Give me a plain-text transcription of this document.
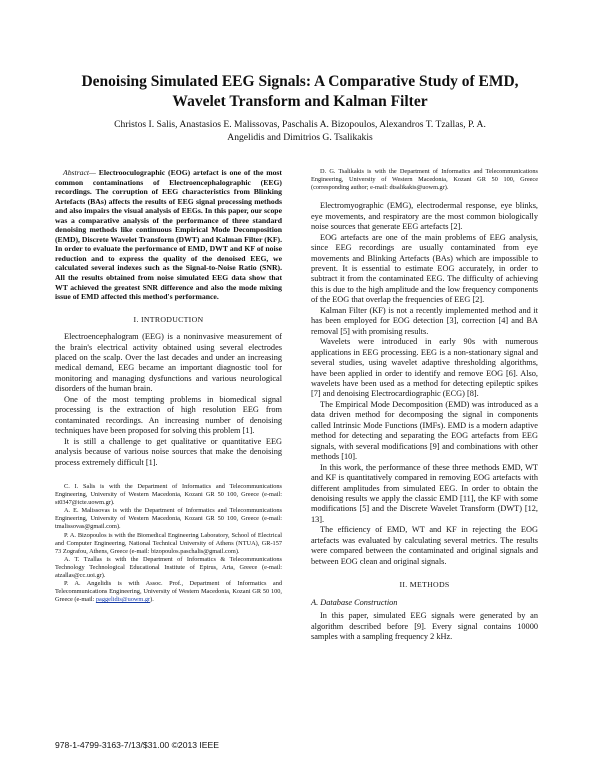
Denoising Simulated EEG Signals: A Comparative Study of EMD,
Wavelet Transform and Kalman Filter
Christos I. Salis, Anastasios E. Malissovas, Paschalis A. Bizopoulos, Alexandros T. Tzallas, P. A.
Angelidis and Dimitrios G. Tsalikakis

Abstract— Electrooculographic (EOG) artefact is one of the most common contaminations of Electroencephalographic (EEG) recordings. The corruption of EEG characteristics from Blinking Artefacts (BAs) affects the results of EEG signal processing methods and also impairs the visual analysis of EEGs. In this paper, our scope was a comparative analysis of the performance of three standard denoising methods like continuous Empirical Mode Decomposition (EMD), Discrete Wavelet Transform (DWT) and Kalman Filter (KF). In order to evaluate the performance of EMD, DWT and KF of noise reduction and to express the quality of the denoised EEG, we calculated several indexes such as the Signal-to-Noise Ratio (SNR). All the results obtained from noise simulated EEG data show that WT achieved the greatest SNR difference and also the mode mixing issue of EMD affected this method's performance.

I. INTRODUCTION

Electroencephalogram (EEG) is a noninvasive measurement of the brain's electrical activity obtained using several electrodes placed on the scalp. Over the last decades and under an increasing medical demand, EEG became an important diagnostic tool for monitoring and managing dysfunctions and various neurological disorders of the human brain.

One of the most tempting problems in biomedical signal processing is the extraction of high resolution EEG from contaminated recordings. An increasing number of denoising techniques have been proposed for solving this problem [1].

It is still a challenge to get qualitative or quantitative EEG analysis because of various noise sources that make the denoising process extremely difficult [1].

C. I. Salis is with the Department of Informatics and Telecommunications Engineering, University of Western Macedonia, Kozani GR 50 100, Greece (e-mail: st0347@icte.uowm.gr).

A. E. Malissovas is with the Department of Informatics and Telecommunications Engineering, University of Western Macedonia, Kozani GR 50 100, Greece (e-mail: tmalissovas@gmail.com).

P. A. Bizopoulos is with the Biomedical Engineering Laboratory, School of Electrical and Computer Engineering, National Technical University of Athens (NTUA), GR-157 73 Zografou, Athens, Greece (e-mail: bizopoulos.paschalis@gmail.com).

A. T. Tzallas is with the Department of Informatics & Telecommunications Technology Technological Educational Institute of Epirus, Arta, Greece (e-mail: atzallas@cc.uoi.gr).

P. A. Angelidis is with Assoc. Prof., Department of Informatics and Telecommunications Engineering, University of Western Macedonia, Kozani GR 50 100, Greece (e-mail: paggelidis@uowm.gr).

D. G. Tsalikakis is with the Department of Informatics and Telecommunications Engineering, University of Western Macedonia, Kozani GR 50 100, Greece (corresponding author; e-mail: dtsalikakis@uowm.gr).

Electromyographic (EMG), electrodermal response, eye blinks, eye movements, and respiratory are the most common biologically noise sources that generate EEG artefacts [2].

EOG artefacts are one of the main problems of EEG analysis, since EEG recordings are usually contaminated from eye movements and Blinking Artefacts (BAs) which are impossible to prevent. It is essential to estimate EOG accurately, in order to subtract it from the contaminated EEG. The difficulty of achieving this is due to the high amplitude and the low frequency components of the EOG that overlap the frequencies of EEG [2].

Kalman Filter (KF) is not a recently implemented method and it has been employed for EOG detection [3], correction [4] and BA removal [5] with promising results.

Wavelets were introduced in early 90s with numerous applications in EEG processing. EEG is a non-stationary signal and several studies, using wavelet adaptive thresholding algorithms, have been applied in order to identify and remove EOG [6]. Also, wavelets have been used as a method for detecting epileptic spikes [7] and denoising Electrocardiographic (ECG) [8].

The Empirical Mode Decomposition (EMD) was introduced as a data driven method for decomposing the signal in components called Intrinsic Mode Functions (IMFs). EMD is a modern adaptive method for detecting and separating the EOG artefacts from EEG signals, with several modifications [9] and combinations with other methods [10].

In this work, the performance of these three methods EMD, WT and KF is quantitatively compared in removing EOG artefacts with different amplitudes from simulated EEG. In order to obtain the denoising results we apply the classic EMD [11], the KF with some modifications [5] and the Discrete Wavelet Transform (DWT) [12, 13].

The efficiency of EMD, WT and KF in rejecting the EOG artefacts was evaluated by calculating several metrics. The results were compared between the contaminated and original signals and between EOG clean and original signals.

II. METHODS
A. Database Construction

In this paper, simulated EEG signals were generated by an algorithm described before [9]. Every signal contains 10000 samples with a sampling frequency 2 kHz.

978-1-4799-3163-7/13/$31.00 ©2013 IEEE
